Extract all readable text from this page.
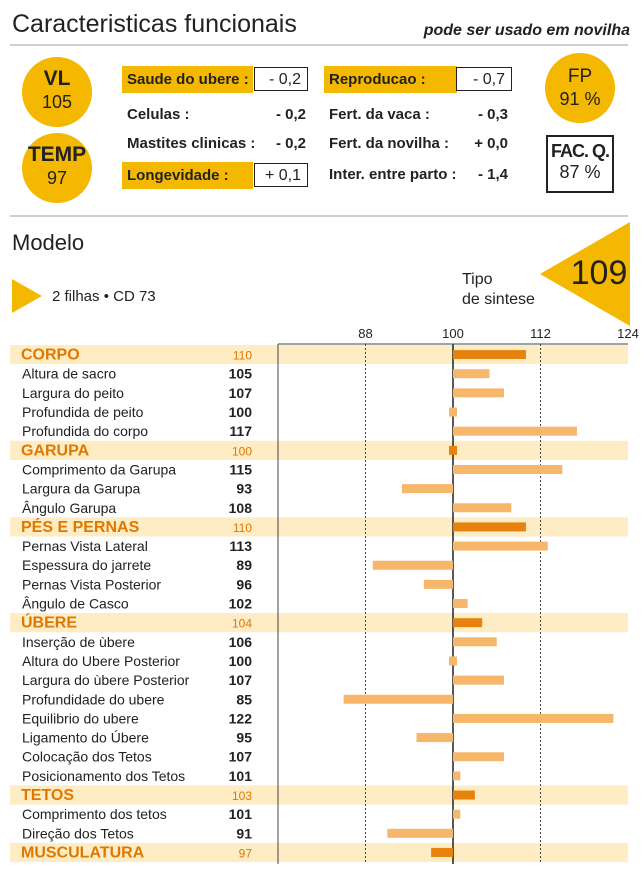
Caracteristicas funcionais	pode ser usado em novilha
VL
105
TEMP
97
Saude do ubere :	- 0,2
Celulas :	- 0,2
Mastites clinicas :	- 0,2
Longevidade :	+ 0,1
Reproducao :	- 0,7
Fert. da vaca :	- 0,3
Fert. da novilha :	+ 0,0
Inter. entre parto :	- 1,4
FP
91 %
FAC. Q.
87 %
Modelo
2 filhas • CD 73
Tipo
de sintese
109
88	100	112	124
CORPO	110
Altura de sacro	105
Largura do peito	107
Profundida de peito	100
Profundida do corpo	117
GARUPA	100
Comprimento da Garupa	115
Largura da Garupa	93
Ângulo Garupa	108
PÉS E PERNAS	110
Pernas Vista Lateral	113
Espessura do jarrete	89
Pernas Vista Posterior	96
Ângulo de Casco	102
ÚBERE	104
Inserção de ùbere	106
Altura do Ubere Posterior	100
Largura do ùbere Posterior	107
Profundidade do ubere	85
Equilibrio do ubere	122
Ligamento do Úbere	95
Colocação dos Tetos	107
Posicionamento dos Tetos	101
TETOS	103
Comprimento dos tetos	101
Direção dos Tetos	91
MUSCULATURA	97
